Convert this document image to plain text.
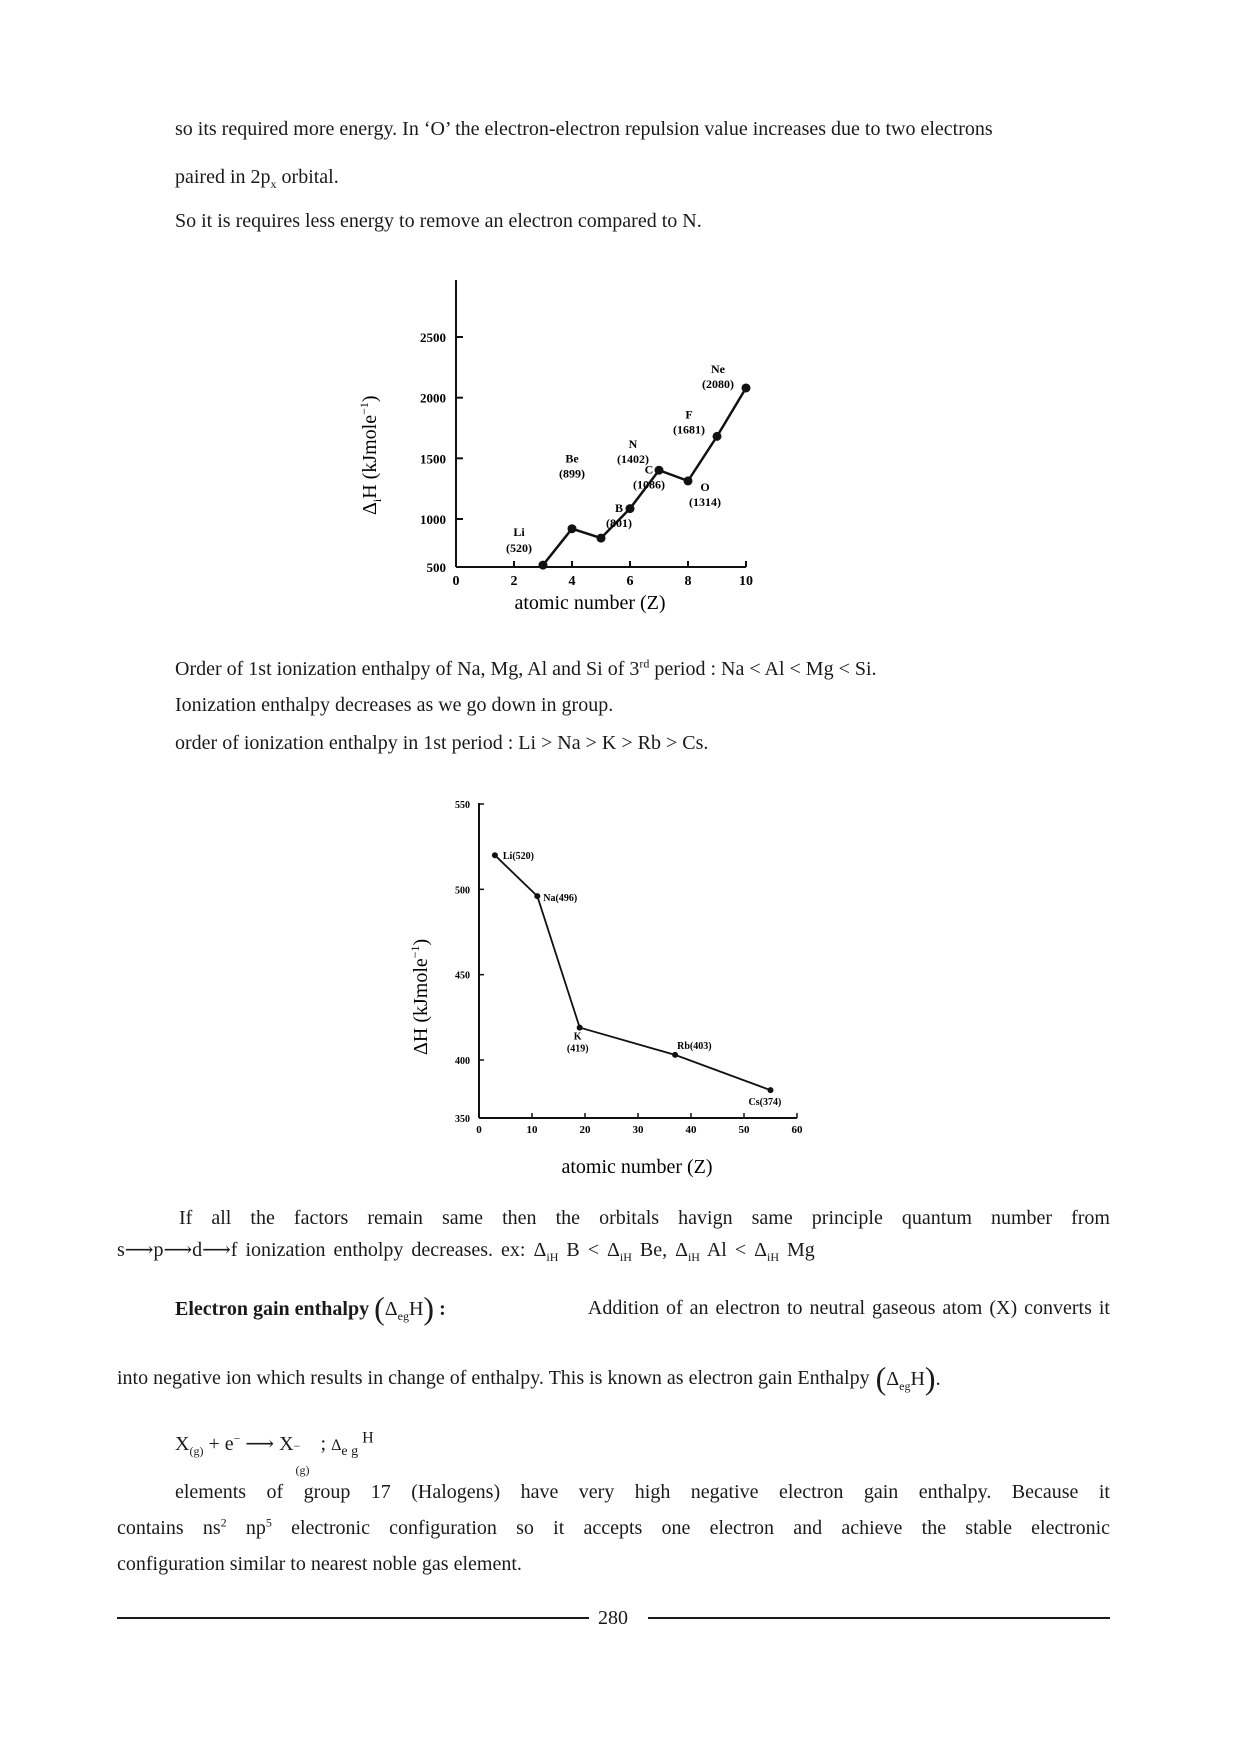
so its required more energy. In ‘O’ the electron-electron repulsion value increases due to two electrons
paired in $2p_x$ orbital.
So it is requires less energy to remove an electron compared to N.
500
1000
1500
2000
2500
0	2	4	6	8	10
atomic number (Z)
$\Delta_iH$ (kJmole$^{-1}$)
Li
(520)
Be
(899)
B
(801)
C
(1086)
N
(1402)
O
(1314)
F
(1681)
Ne
(2080)
Order of 1st ionization enthalpy of Na, Mg, Al and Si of 3rd period : Na < Al < Mg < Si.
Ionization enthalpy decreases as we go down in group.
order of ionization enthalpy in 1st period : Li > Na > K > Rb > Cs.
350
400
450
500
550
0	10	20	30	40	50	60
atomic number (Z)
ΔH (kJmole$^{-1}$)
Li(520)
Na(496)
K
(419)	Rb(403)
Cs(374)

If all the factors remain same then the orbitals havign same principle quantum number from

s⟶p⟶d⟶f ionization entholpy decreases. ex: $\Delta_{iH}$ $B < \Delta_{iH}$ Be, $\Delta_{iH}$ $Al < \Delta_{iH}$ Mg

Electron gain enthalpy $(\Delta_{eg}H)$ :	Addition of an electron to neutral gaseous atom (X) converts it
into negative ion which results in change of enthalpy. This is known as electron gain Enthalpy $(\Delta_{eg}H)$.
$X_{(g)} + e^-$ ⟶ X −
(g)
; $\Delta_{e g}$ $^H$

elements of group 17 (Halogens) have very high negative electron gain enthalpy. Because it

contains $ns^2$ $np^5$ electronic configuration so it accepts one electron and achieve the stable electronic

configuration similar to nearest noble gas element.

280
